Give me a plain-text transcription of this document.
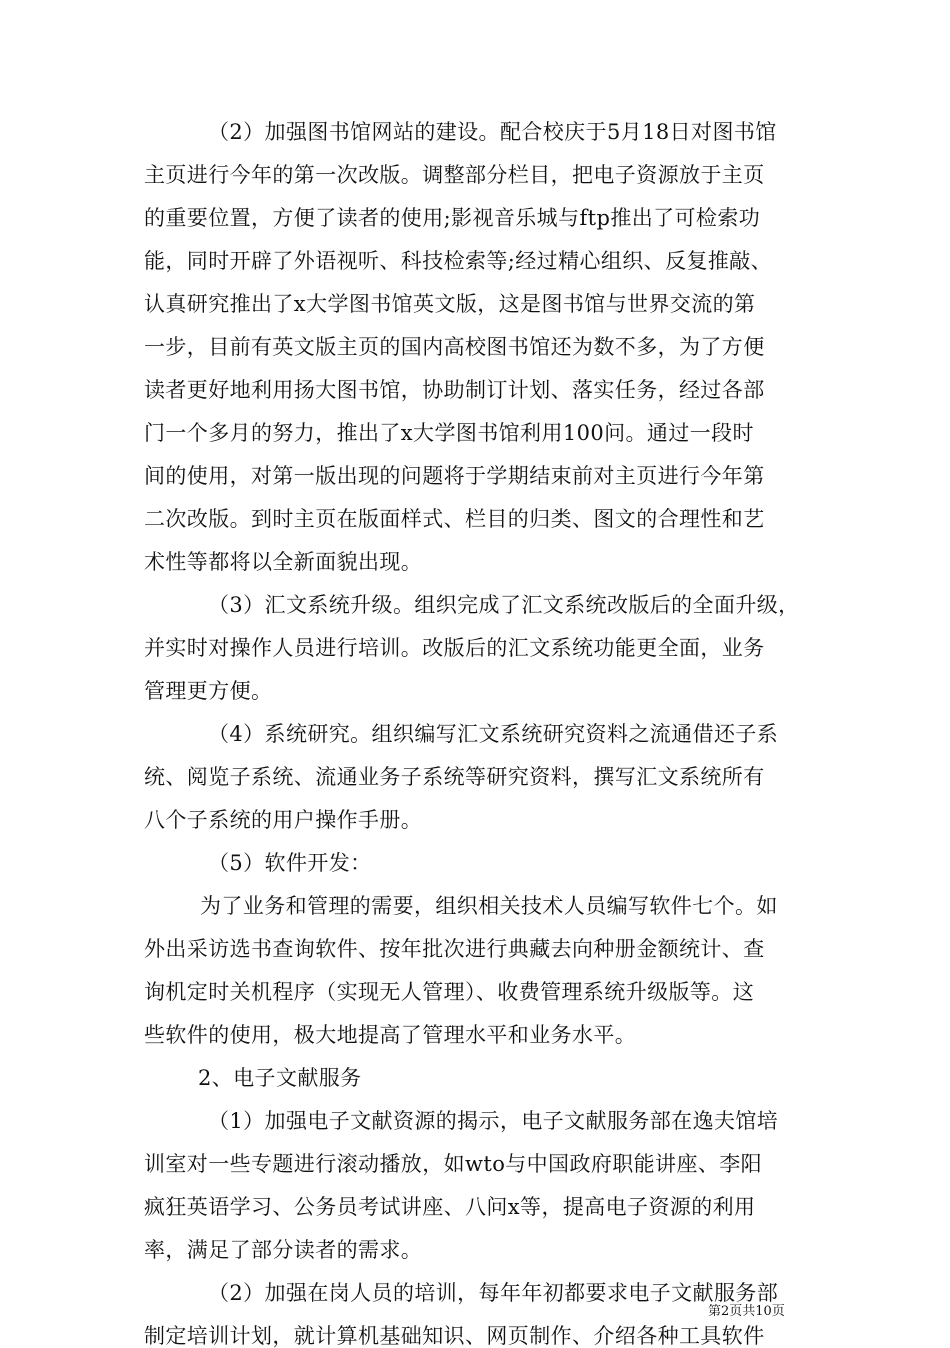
（2）加强图书馆网站的建设。配合校庆于5月18日对图书馆
主页进行今年的第一次改版。调整部分栏目，把电子资源放于主页
的重要位置，方便了读者的使用;影视音乐城与ftp推出了可检索功
能，同时开辟了外语视听、科技检索等;经过精心组织、反复推敲、
认真研究推出了x大学图书馆英文版，这是图书馆与世界交流的第
一步，目前有英文版主页的国内高校图书馆还为数不多，为了方便
读者更好地利用扬大图书馆，协助制订计划、落实任务，经过各部
门一个多月的努力，推出了x大学图书馆利用100问。通过一段时
间的使用，对第一版出现的问题将于学期结束前对主页进行今年第
二次改版。到时主页在版面样式、栏目的归类、图文的合理性和艺
术性等都将以全新面貌出现。
（3）汇文系统升级。组织完成了汇文系统改版后的全面升级，
并实时对操作人员进行培训。改版后的汇文系统功能更全面，业务
管理更方便。
（4）系统研究。组织编写汇文系统研究资料之流通借还子系
统、阅览子系统、流通业务子系统等研究资料，撰写汇文系统所有
八个子系统的用户操作手册。
（5）软件开发：
为了业务和管理的需要，组织相关技术人员编写软件七个。如
外出采访选书查询软件、按年批次进行典藏去向种册金额统计、查
询机定时关机程序（实现无人管理）、收费管理系统升级版等。这
些软件的使用，极大地提高了管理水平和业务水平。
2、电子文献服务
（1）加强电子文献资源的揭示，电子文献服务部在逸夫馆培
训室对一些专题进行滚动播放，如wto与中国政府职能讲座、李阳
疯狂英语学习、公务员考试讲座、八问x等，提高电子资源的利用
率，满足了部分读者的需求。
（2）加强在岗人员的培训，每年年初都要求电子文献服务部
制定培训计划，就计算机基础知识、网页制作、介绍各种工具软件
第2页共10页
